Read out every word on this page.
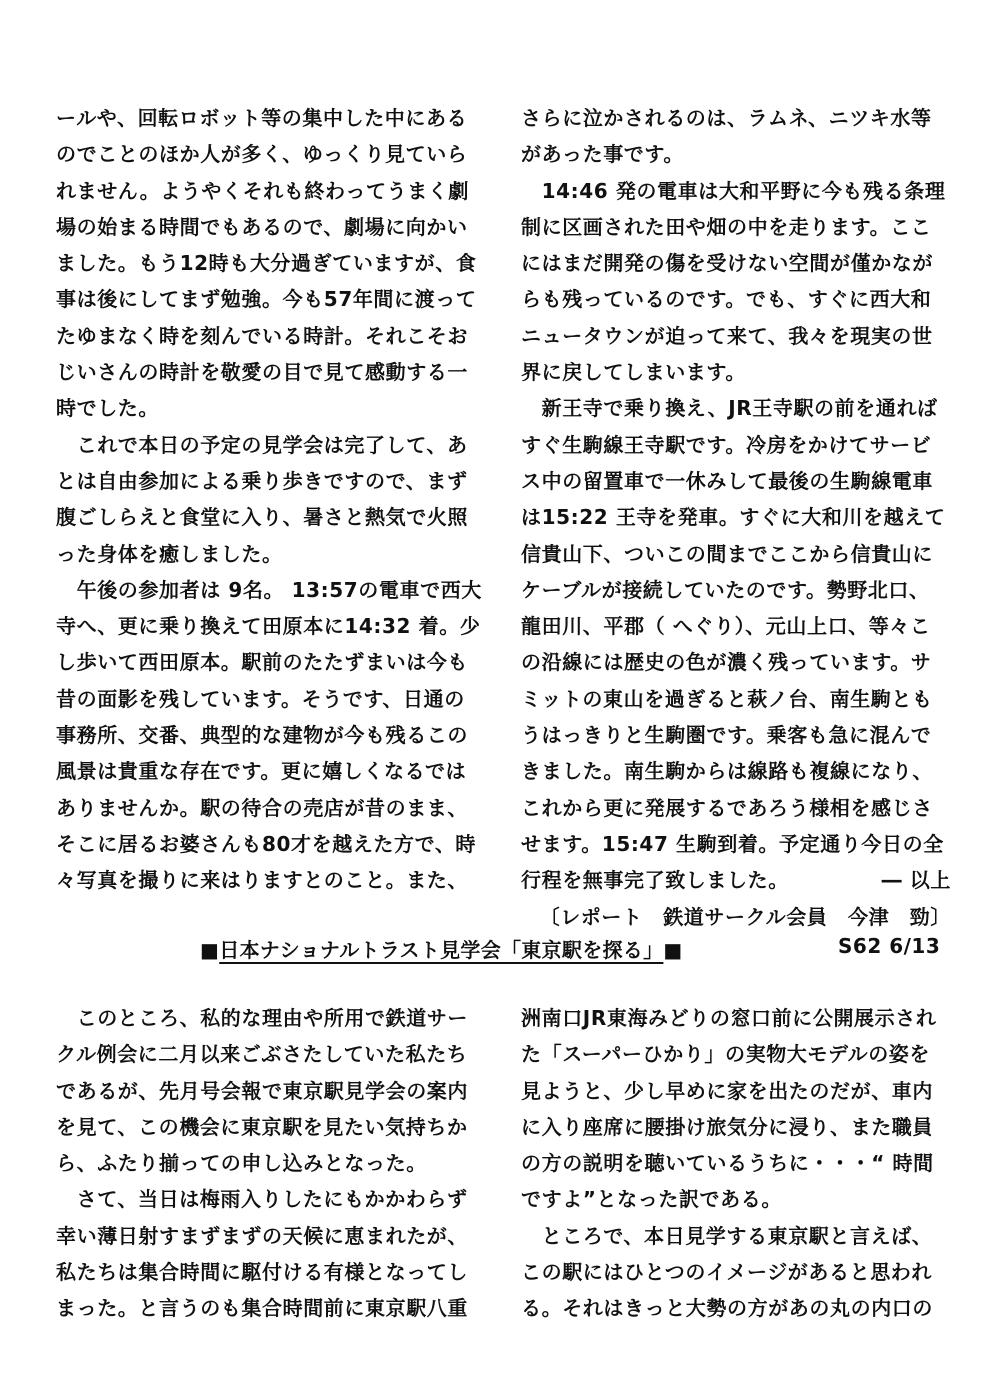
ールや、回転ロボット等の集中した中にある
のでことのほか人が多く、ゆっくり見ていら
れません。ようやくそれも終わってうまく劇
場の始まる時間でもあるので、劇場に向かい
ました。もう12時も大分過ぎていますが、食
事は後にしてまず勉強。今も57年間に渡って
たゆまなく時を刻んでいる時計。それこそお
じいさんの時計を敬愛の目で見て感動する一
時でした。
　これで本日の予定の見学会は完了して、あ
とは自由参加による乗り歩きですので、まず
腹ごしらえと食堂に入り、暑さと熱気で火照
った身体を癒しました。
　午後の参加者は 9名。 13:57の電車で西大
寺へ、更に乗り換えて田原本に14:32 着。少
し歩いて西田原本。駅前のたたずまいは今も
昔の面影を残しています。そうです、日通の
事務所、交番、典型的な建物が今も残るこの
風景は貴重な存在です。更に嬉しくなるでは
ありませんか。駅の待合の売店が昔のまま、
そこに居るお婆さんも80才を越えた方で、時
々写真を撮りに来はりますとのこと。また、
さらに泣かされるのは、ラムネ、ニツキ水等
があった事です。
　14:46 発の電車は大和平野に今も残る条理
制に区画された田や畑の中を走ります。ここ
にはまだ開発の傷を受けない空間が僅かなが
らも残っているのです。でも、すぐに西大和
ニュータウンが迫って来て、我々を現実の世
界に戻してしまいます。
　新王寺で乗り換え、JR王寺駅の前を通れば
すぐ生駒線王寺駅です。冷房をかけてサービ
ス中の留置車で一休みして最後の生駒線電車
は15:22 王寺を発車。すぐに大和川を越えて
信貴山下、ついこの間までここから信貴山に
ケーブルが接続していたのです。勢野北口、
龍田川、平郡（ へぐり）、元山上口、等々こ
の沿線には歴史の色が濃く残っています。サ
ミットの東山を過ぎると萩ノ台、南生駒とも
うはっきりと生駒圏です。乗客も急に混んで
きました。南生駒からは線路も複線になり、
これから更に発展するであろう様相を感じさ
せます。15:47 生駒到着。予定通り今日の全
行程を無事完了致しました。	― 以上
〔レポート　鉄道サークル会員　今津　勁〕
■日本ナショナルトラスト見学会「東京駅を探る」■	S62 6/13
　このところ、私的な理由や所用で鉄道サー
クル例会に二月以来ごぶさたしていた私たち
であるが、先月号会報で東京駅見学会の案内
を見て、この機会に東京駅を見たい気持ちか
ら、ふたり揃っての申し込みとなった。
　さて、当日は梅雨入りしたにもかかわらず
幸い薄日射すまずまずの天候に恵まれたが、
私たちは集合時間に駆付ける有様となってし
まった。と言うのも集合時間前に東京駅八重
洲南口JR東海みどりの窓口前に公開展示され
た「スーパーひかり」の実物大モデルの姿を
見ようと、少し早めに家を出たのだが、車内
に入り座席に腰掛け旅気分に浸り、また職員
の方の説明を聴いているうちに・・・“ 時間
ですよ”となった訳である。
　ところで、本日見学する東京駅と言えば、
この駅にはひとつのイメージがあると思われ
る。それはきっと大勢の方があの丸の内口の
